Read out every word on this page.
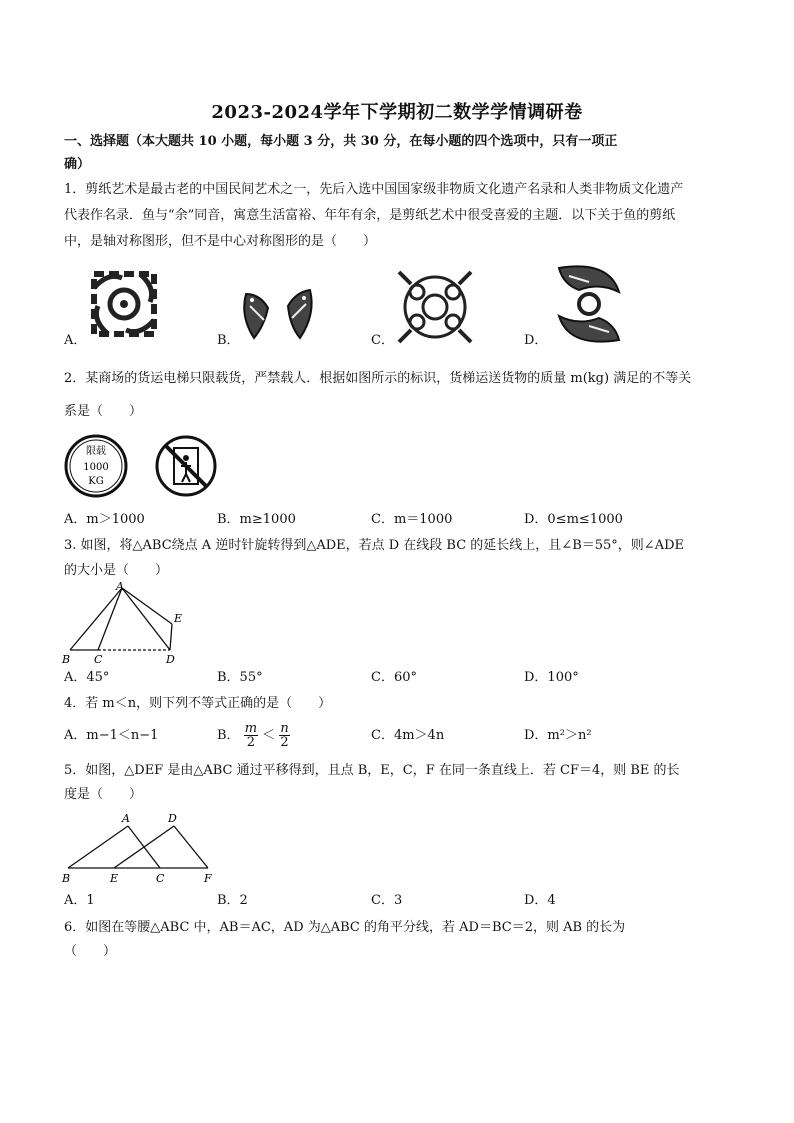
2023-2024学年下学期初二数学学情调研卷
一、选择题（本大题共 10 小题，每小题 3 分，共 30 分，在每小题的四个选项中，只有一项正
确）
1．剪纸艺术是最古老的中国民间艺术之一，先后入选中国国家级非物质文化遗产名录和人类非物质文化遗产
代表作名录．鱼与“余”同音，寓意生活富裕、年年有余，是剪纸艺术中很受喜爱的主题．以下关于鱼的剪纸
中，是轴对称图形，但不是中心对称图形的是（　　）
A．	B．	C．	D．
2．某商场的货运电梯只限载货，严禁载人．根据如图所示的标识，货梯运送货物的质量 m(kg) 满足的不等关
系是（　　）
限载
1000
KG
A．m＞1000	B．m≥1000	C．m＝1000	D．0≤m≤1000
3. 如图，将△ABC绕点 A 逆时针旋转得到△ADE，若点 D 在线段 BC 的延长线上，且∠B＝55°，则∠ADE
的大小是（　　）
A
B C	D
E
A．45°	B．55°	C．60°	D．100°
4．若 m＜n，则下列不等式正确的是（　　）
A．m−1＜n−1	B． $\frac{m}{2} < \frac{n}{2}$	C．4m＞4n	D．m²＞n²
5．如图，△DEF 是由△ABC 通过平移得到，且点 B，E，C，F 在同一条直线上．若 CF＝4，则 BE 的长
度是（　　）
A	D
B	E	C	F
A．1	B．2	C．3	D．4
6．如图在等腰△ABC 中，AB＝AC，AD 为△ABC 的角平分线，若 AD＝BC＝2，则 AB 的长为
（　　）
